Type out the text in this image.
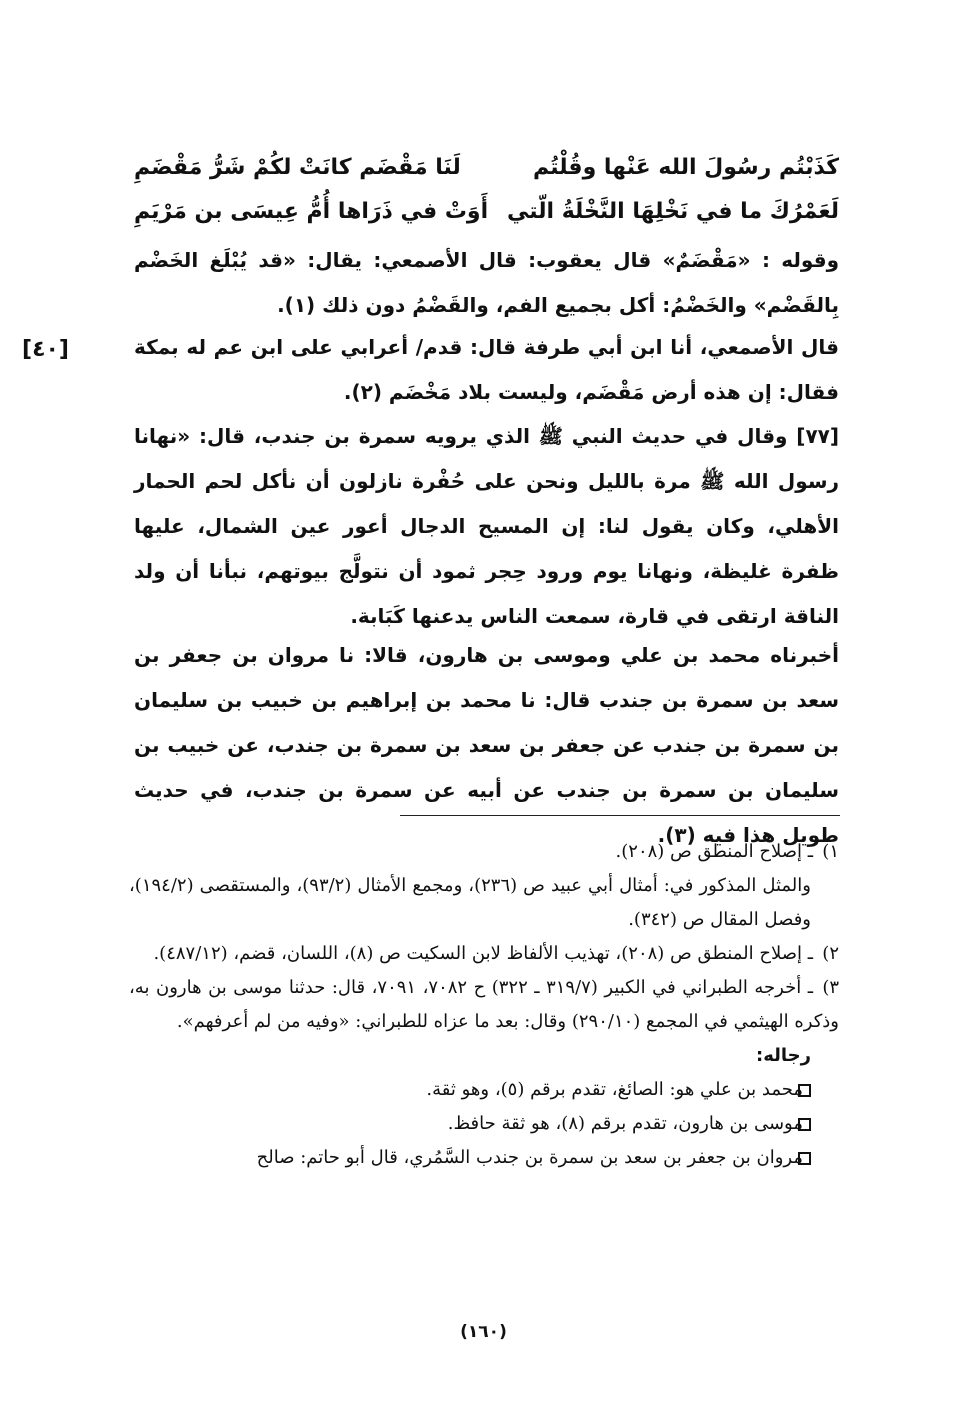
كَذَبْتُم رسُولَ الله عَنْها وقُلْتُم
لَنَا مَقْضَم كانَتْ لكُمْ شَرُّ مَقْضَمِ
لَعَمْرُكَ ما في نَخْلِهَا النَّخْلَةُ الّتي
أَوَتْ في ذَرَاها أُمُّ عِيسَى بن مَرْيَمِ
وقوله : «مَقْضَمٌ» قال يعقوب: قال الأصمعي: يقال: «قد يُبْلَغ الخَضْم بِالقَضْم» والخَضْمُ: أكل بجميع الفم، والقَضْمُ دون ذلك (١).
قال الأصمعي، أنا ابن أبي طرفة قال: قدم/ أعرابي على ابن عم له بمكة فقال: إن هذه أرض مَقْضَم، وليست بلاد مَخْضَم (٢).
[٧٧] وقال في حديث النبي ﷺ الذي يرويه سمرة بن جندب، قال: «نهانا رسول الله ﷺ مرة بالليل ونحن على حُفْرة نازلون أن نأكل لحم الحمار الأهلي، وكان يقول لنا: إن المسيح الدجال أعور عين الشمال، عليها ظفرة غليظة، ونهانا يوم ورود حِجر ثمود أن نتولَّج بيوتهم، نبأنا أن ولد الناقة ارتقى في قارة، سمعت الناس يدعنها كَبَابة.
أخبرناه محمد بن علي وموسى بن هارون، قالا: نا مروان بن جعفر بن سعد بن سمرة بن جندب قال: نا محمد بن إبراهيم بن خبيب بن سليمان بن سمرة بن جندب عن جعفر بن سعد بن سمرة بن جندب، عن خبيب بن سليمان بن سمرة بن جندب عن أبيه عن سمرة بن جندب، في حديث طويل هذا فيه (٣).
[٤٠]

١)ـ إصلاح المنطق ص (٢٠٨).

والمثل المذكور في: أمثال أبي عبيد ص (٢٣٦)، ومجمع الأمثال (٩٣/٢)، والمستقصى (١٩٤/٢)، وفصل المقال ص (٣٤٢).

٢)ـ إصلاح المنطق ص (٢٠٨)، تهذيب الألفاظ لابن السكيت ص (٨)، اللسان، قضم، (٤٨٧/١٢).

٣)ـ أخرجه الطبراني في الكبير (٣١٩/٧ ـ ٣٢٢) ح ٧٠٨٢، ٧٠٩١، قال: حدثنا موسى بن هارون به، وذكره الهيثمي في المجمع (٢٩٠/١٠) وقال: بعد ما عزاه للطبراني: «وفيه من لم أعرفهم».

رجاله:

محمد بن علي هو: الصائغ، تقدم برقم (٥)، وهو ثقة.

موسى بن هارون، تقدم برقم (٨)، هو ثقة حافظ.

مروان بن جعفر بن سعد بن سمرة بن جندب السَّمُري، قال أبو حاتم: صالح

(١٦٠)
